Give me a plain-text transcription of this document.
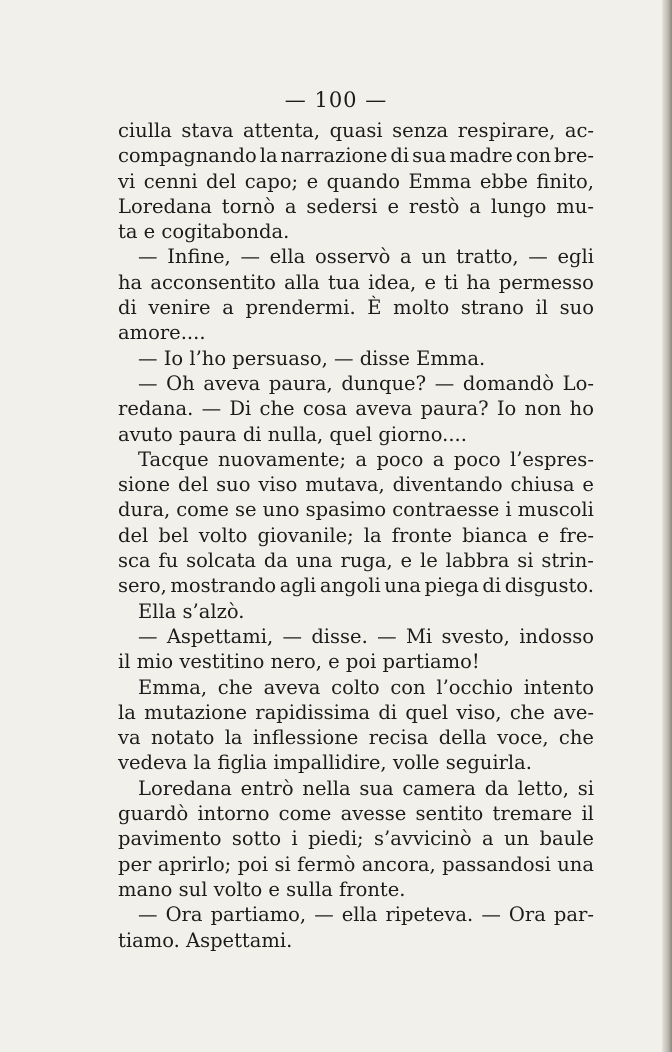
— 100 —
ciulla stava attenta, quasi senza respirare, ac-
compagnando la narrazione di sua madre con bre-
vi cenni del capo; e quando Emma ebbe finito,
Loredana tornò a sedersi e restò a lungo mu-
ta e cogitabonda.
— Infine, — ella osservò a un tratto, — egli
ha acconsentito alla tua idea, e ti ha permesso
di venire a prendermi. È molto strano il suo
amore....
— Io l’ho persuaso, — disse Emma.
— Oh aveva paura, dunque? — domandò Lo-
redana. — Di che cosa aveva paura? Io non ho
avuto paura di nulla, quel giorno....
Tacque nuovamente; a poco a poco l’espres-
sione del suo viso mutava, diventando chiusa e
dura, come se uno spasimo contraesse i muscoli
del bel volto giovanile; la fronte bianca e fre-
sca fu solcata da una ruga, e le labbra si strin-
sero, mostrando agli angoli una piega di disgusto.
Ella s’alzò.
— Aspettami, — disse. — Mi svesto, indosso
il mio vestitino nero, e poi partiamo!
Emma, che aveva colto con l’occhio intento
la mutazione rapidissima di quel viso, che ave-
va notato la inflessione recisa della voce, che
vedeva la figlia impallidire, volle seguirla.
Loredana entrò nella sua camera da letto, si
guardò intorno come avesse sentito tremare il
pavimento sotto i piedi; s’avvicinò a un baule
per aprirlo; poi si fermò ancora, passandosi una
mano sul volto e sulla fronte.
— Ora partiamo, — ella ripeteva. — Ora par-
tiamo. Aspettami.
